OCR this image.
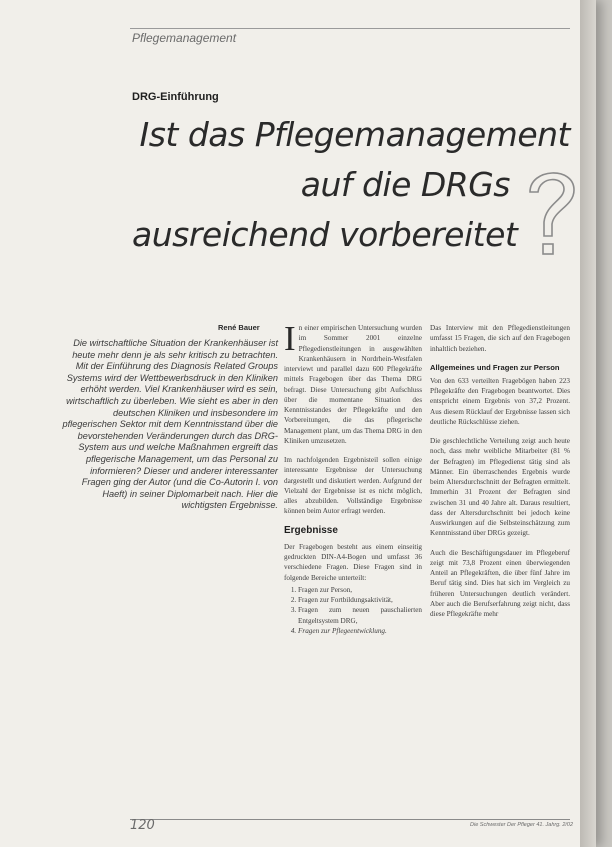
Pflegemanagement
DRG-Einführung
Ist das Pflegemanagement
auf die DRGs
ausreichend vorbereitet
René Bauer
Die wirtschaftliche Situation der Krankenhäuser ist heute mehr denn je als sehr kritisch zu betrachten. Mit der Einführung des Diagnosis Related Groups Systems wird der Wettbewerbsdruck in den Kliniken erhöht werden. Viel Krankenhäuser wird es sein, wirtschaftlich zu überleben. Wie sieht es aber in den deutschen Kliniken und insbesondere im pflegerischen Sektor mit dem Kenntnisstand über die bevorstehenden Veränderungen durch das DRG-System aus und welche Maßnahmen ergreift das pflegerische Management, um das Personal zu informieren? Dieser und anderer interessanter Fragen ging der Autor (und die Co-Autorin I. von Haeft) in seiner Diplomarbeit nach. Hier die wichtigsten Ergebnisse.

In einer empirischen Untersuchung wurden im Sommer 2001 einzelne Pflegedienstleitungen in ausgewählten Krankenhäusern in Nordrhein-Westfalen interviewt und parallel dazu 600 Pflegekräfte mittels Fragebogen über das Thema DRG befragt. Diese Untersuchung gibt Aufschluss über die momentane Situation des Kenntnisstandes der Pflegekräfte und den Vorbereitungen, die das pflegerische Management plant, um das Thema DRG in den Kliniken umzusetzen.

Im nachfolgenden Ergebnisteil sollen einige interessante Ergebnisse der Untersuchung dargestellt und diskutiert werden. Aufgrund der Vielzahl der Ergebnisse ist es nicht möglich, alles abzubilden. Vollständige Ergebnisse können beim Autor erfragt werden.

Ergebnisse

Der Fragebogen besteht aus einem einseitig gedruckten DIN-A4-Bogen und umfasst 36 verschiedene Fragen. Diese Fragen sind in folgende Bereiche unterteilt:

1. Fragen zur Person,
2. Fragen zur Fortbildungsaktivität,
3. Fragen zum neuen pauschalierten Entgeltsystem DRG,
4. Fragen zur Pflegeentwicklung.

Das Interview mit den Pflegedienstleitungen umfasst 15 Fragen, die sich auf den Fragebogen inhaltlich beziehen.

Allgemeines und Fragen zur Person

Von den 633 verteilten Fragebögen haben 223 Pflegekräfte den Fragebogen beantwortet. Dies entspricht einem Ergebnis von 37,2 Prozent. Aus diesem Rücklauf der Ergebnisse lassen sich deutliche Rückschlüsse ziehen.

Die geschlechtliche Verteilung zeigt auch heute noch, dass mehr weibliche Mitarbeiter (81 % der Befragten) im Pflegedienst tätig sind als Männer. Ein überraschendes Ergebnis wurde beim Altersdurchschnitt der Befragten ermittelt. Immerhin 31 Prozent der Befragten sind zwischen 31 und 40 Jahre alt. Daraus resultiert, dass der Altersdurchschnitt bei jedoch keine Auswirkungen auf die Selbsteinschätzung zum Kenntnisstand über DRGs gezeigt.

Auch die Beschäftigungsdauer im Pflegeberuf zeigt mit 73,8 Prozent einen überwiegenden Anteil an Pflegekräften, die über fünf Jahre im Beruf tätig sind. Dies hat sich im Vergleich zu früheren Untersuchungen deutlich verändert. Aber auch die Berufserfahrung zeigt nicht, dass diese Pflegekräfte mehr

120	Die Schwester Der Pfleger 41. Jahrg. 2/02
